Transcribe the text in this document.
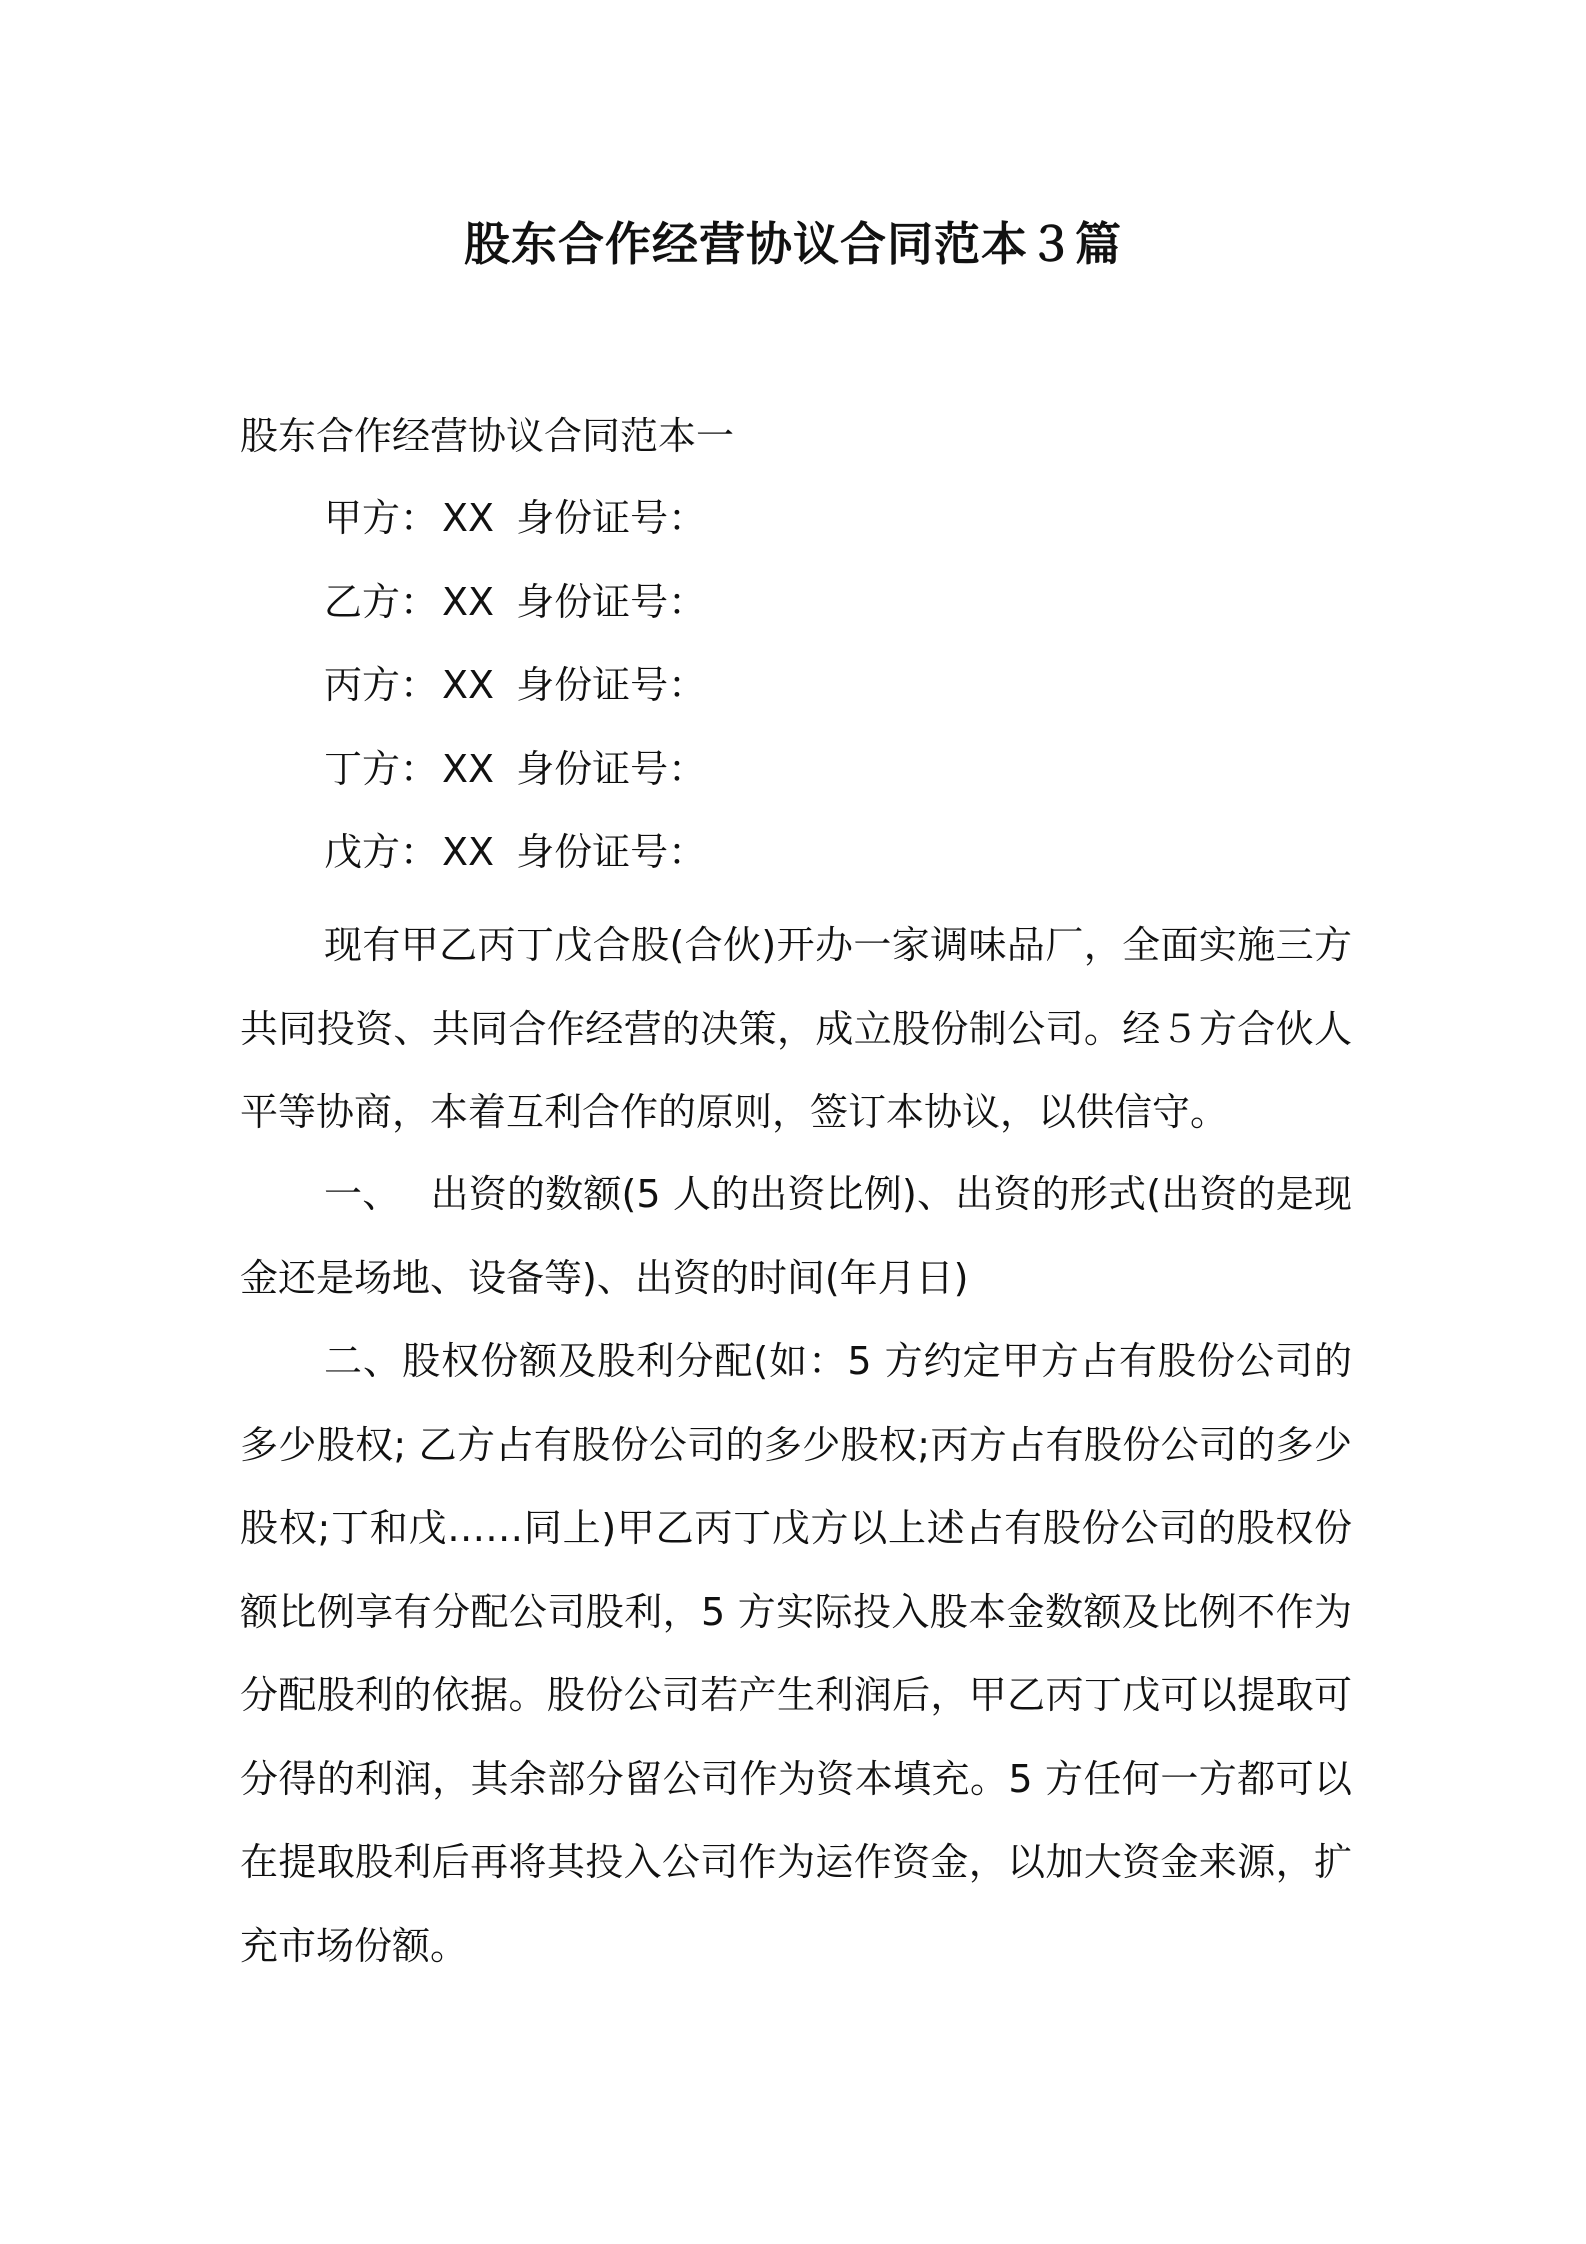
股东合作经营协议合同范本３篇
股东合作经营协议合同范本一
甲方： XX 身份证号：
乙方： XX 身份证号：
丙方： XX 身份证号：
丁方： XX 身份证号：
戊方： XX 身份证号：

现有甲乙丙丁戊合股(合伙)开办一家调味品厂，全面实施三方共同投资、共同合作经营的决策，成立股份制公司。经５方合伙人平等协商，本着互利合作的原则，签订本协议，以供信守。

一、 出资的数额(5 人的出资比例)、出资的形式(出资的是现金还是场地、设备等)、出资的时间(年月日)

二、股权份额及股利分配(如：5 方约定甲方占有股份公司的多少股权; 乙方占有股份公司的多少股权;丙方占有股份公司的多少股权;丁和戊……同上)甲乙丙丁戊方以上述占有股份公司的股权份额比例享有分配公司股利，5 方实际投入股本金数额及比例不作为分配股利的依据。股份公司若产生利润后，甲乙丙丁戊可以提取可分得的利润，其余部分留公司作为资本填充。5 方任何一方都可以在提取股利后再将其投入公司作为运作资金，以加大资金来源，扩充市场份额。
